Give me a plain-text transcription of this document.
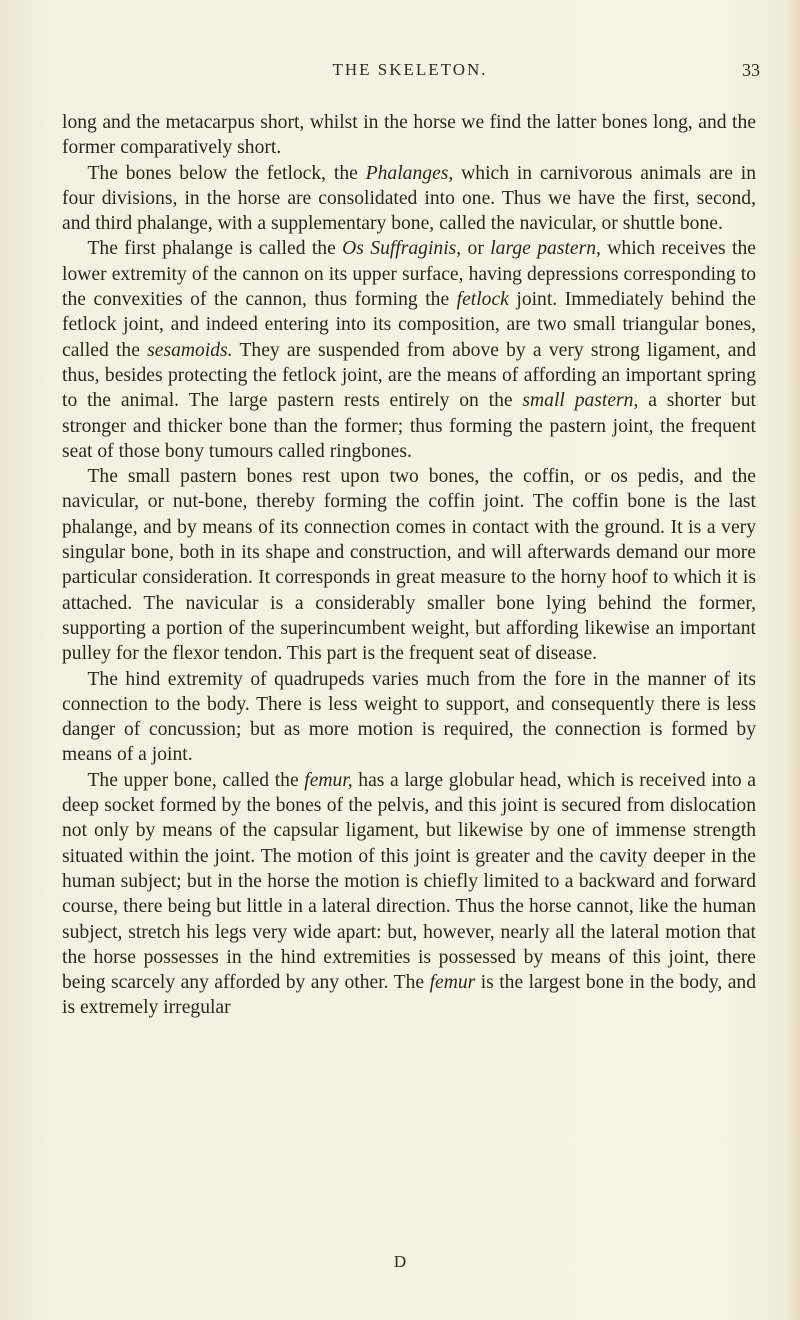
THE SKELETON.	33

long and the metacarpus short, whilst in the horse we find the latter bones long, and the former comparatively short.

The bones below the fetlock, the Phalanges, which in carnivorous animals are in four divisions, in the horse are consolidated into one. Thus we have the first, second, and third phalange, with a supplementary bone, called the navicular, or shuttle bone.

The first phalange is called the Os Suffraginis, or large pastern, which receives the lower extremity of the cannon on its upper surface, having depressions corresponding to the convexities of the cannon, thus forming the fetlock joint. Immediately behind the fetlock joint, and indeed entering into its composition, are two small triangular bones, called the sesamoids. They are suspended from above by a very strong ligament, and thus, besides protecting the fetlock joint, are the means of affording an important spring to the animal. The large pastern rests entirely on the small pastern, a shorter but stronger and thicker bone than the former; thus forming the pastern joint, the frequent seat of those bony tumours called ringbones.

The small pastern bones rest upon two bones, the coffin, or os pedis, and the navicular, or nut-bone, thereby forming the coffin joint. The coffin bone is the last phalange, and by means of its connection comes in contact with the ground. It is a very singular bone, both in its shape and construction, and will afterwards demand our more particular consideration. It corresponds in great measure to the horny hoof to which it is attached. The navicular is a considerably smaller bone lying behind the former, supporting a portion of the superincumbent weight, but affording likewise an important pulley for the flexor tendon. This part is the frequent seat of disease.

The hind extremity of quadrupeds varies much from the fore in the manner of its connection to the body. There is less weight to support, and consequently there is less danger of concussion; but as more motion is required, the connection is formed by means of a joint.

The upper bone, called the femur, has a large globular head, which is received into a deep socket formed by the bones of the pelvis, and this joint is secured from dislocation not only by means of the capsular ligament, but likewise by one of immense strength situated within the joint. The motion of this joint is greater and the cavity deeper in the human subject; but in the horse the motion is chiefly limited to a backward and forward course, there being but little in a lateral direction. Thus the horse cannot, like the human subject, stretch his legs very wide apart: but, however, nearly all the lateral motion that the horse possesses in the hind extremities is possessed by means of this joint, there being scarcely any afforded by any other. The femur is the largest bone in the body, and is extremely irregular

D
